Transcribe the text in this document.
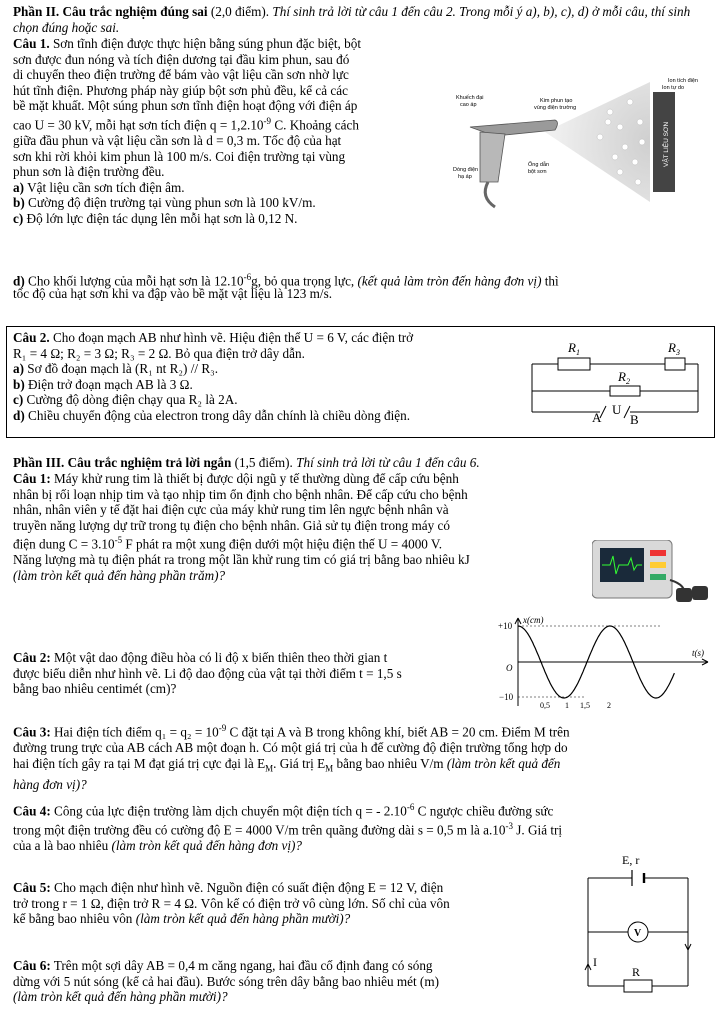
Phần II. Câu trắc nghiệm đúng sai (2,0 điểm). Thí sinh trả lời từ câu 1 đến câu 2. Trong mỗi ý a), b), c), d) ở mỗi câu, thí sinh chọn đúng hoặc sai.

Câu 1. Sơn tĩnh điện được thực hiện bằng súng phun đặc biệt, bột

sơn được đun nóng và tích điện dương tại đầu kim phun, sau đó

di chuyển theo điện trường để bám vào vật liệu cần sơn nhờ lực

hút tĩnh điện. Phương pháp này giúp bột sơn phủ đều, kể cả các

bề mặt khuất. Một súng phun sơn tĩnh điện hoạt động với điện áp

cao U = 30 kV, mỗi hạt sơn tích điện $q = 1,2.10^{-9}$ C. Khoảng cách

giữa đầu phun và vật liệu cần sơn là d = 0,3 m. Tốc độ của hạt

sơn khi rời khỏi kim phun là 100 m/s. Coi điện trường tại vùng

phun sơn là điện trường đều.

a) Vật liệu cần sơn tích điện âm.

b) Cường độ điện trường tại vùng phun sơn là 100 kV/m.

c) Độ lớn lực điện tác dụng lên mỗi hạt sơn là 0,12 N.

d) Cho khối lượng của mỗi hạt sơn là $12.10^{-6}g$, bỏ qua trọng lực, (kết quả làm tròn đến hàng đơn vị) thì

tốc độ của hạt sơn khi va đập vào bề mặt vật liệu là 123 m/s.

VẬT LIỆU SƠN
Khuếch đại
cao áp
Kim phun tạo
vùng điện trường
Ion tích điện
Ion tự do
Dòng điện
hạ áp
Ống dẫn
bột sơn

Câu 2. Cho đoạn mạch AB như hình vẽ. Hiệu điện thế U = 6 V, các điện trở

R₁ = 4 Ω; R₂ = 3 Ω; R₃ = 2 Ω. Bỏ qua điện trở dây dẫn.

a) Sơ đồ đoạn mạch là (R₁ nt R₂) // R₃.

b) Điện trở đoạn mạch AB là 3 Ω.

c) Cường độ dòng điện chạy qua R₂ là 2A.

d) Chiều chuyển động của electron trong dây dẫn chính là chiều dòng điện.

$R_1$	$R_3$
$R_2$
A
U
B

Phần III. Câu trắc nghiệm trả lời ngắn (1,5 điểm). Thí sinh trả lời từ câu 1 đến câu 6.

Câu 1: Máy khử rung tim là thiết bị được dội ngũ y tế thường dùng để cấp cứu bệnh

nhân bị rối loạn nhịp tim và tạo nhịp tim ổn định cho bệnh nhân. Để cấp cứu cho bệnh

nhân, nhân viên y tế đặt hai điện cực của máy khử rung tim lên ngực bệnh nhân và

truyền năng lượng dự trữ trong tụ điện cho bệnh nhân. Giả sử tụ điện trong máy có

điện dung $C = 3.10^{-5}$ F phát ra một xung điện dưới một hiệu điện thế U = 4000 V.

Năng lượng mà tụ điện phát ra trong một lần khử rung tim có giá trị bằng bao nhiêu kJ

(làm tròn kết quả đến hàng phần trăm)?

Câu 2: Một vật dao động điều hòa có li độ x biến thiên theo thời gian t

được biểu diễn như hình vẽ. Li độ dao động của vật tại thời điểm t = 1,5 s

bằng bao nhiêu centimét (cm)?

x(cm)
t(s)
+10
−10
O
0,5 1 1,5 2

Câu 3: Hai điện tích điểm $q_1 = q_2 = 10^{-9}$ C đặt tại A và B trong không khí, biết AB = 20 cm. Điểm M trên

đường trung trực của AB cách AB một đoạn h. Có một giá trị của h để cường độ điện trường tổng hợp do

hai điện tích gây ra tại M đạt giá trị cực đại là $E_M$. Giá trị $E_M$ bằng bao nhiêu V/m (làm tròn kết quả đến

hàng đơn vị)?

Câu 4: Công của lực điện trường làm dịch chuyển một điện tích q = - $2.10^{-6}$ C ngược chiều đường sức

trong một điện trường đều có cường độ E = 4000 V/m trên quãng đường dài s = 0,5 m là $a.10^{-3}$ J. Giá trị

của a là bao nhiêu (làm tròn kết quả đến hàng đơn vị)?

Câu 5: Cho mạch điện như hình vẽ. Nguồn điện có suất điện động E = 12 V, điện

trở trong r = 1 Ω, điện trở R = 4 Ω. Vôn kế có điện trở vô cùng lớn. Số chỉ của vôn

kế bằng bao nhiêu vôn (làm tròn kết quả đến hàng phần mười)?

E, r
V
I
R

Câu 6: Trên một sợi dây AB = 0,4 m căng ngang, hai đầu cố định đang có sóng

dừng với 5 nút sóng (kể cả hai đầu). Bước sóng trên dây bằng bao nhiêu mét (m)

(làm tròn kết quả đến hàng phần mười)?
